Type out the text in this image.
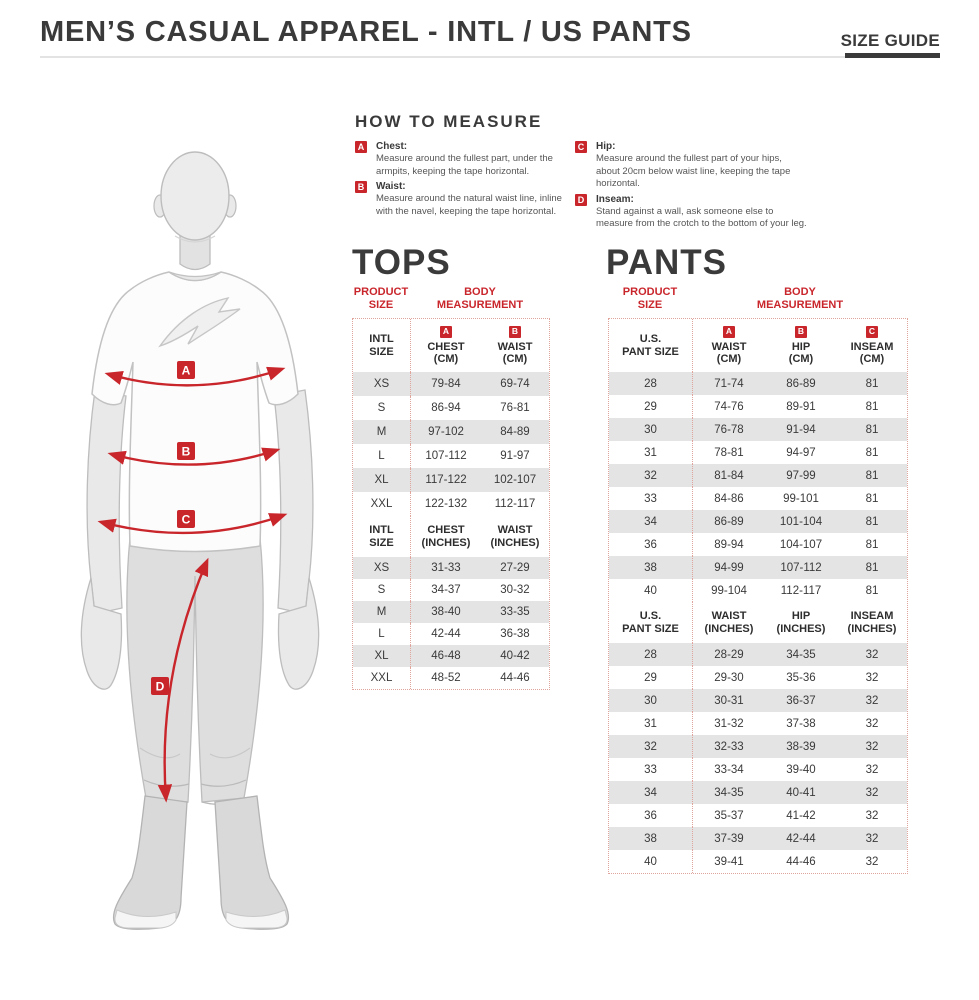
MEN’S CASUAL APPAREL - INTL / US PANTS	SIZE GUIDE
HOW TO MEASURE
A Chest:
Measure around the fullest part, under the armpits, keeping the tape horizontal.
B Waist:
Measure around the natural waist line, inline with the navel, keeping the tape horizontal.
C Hip:
Measure around the fullest part of your hips, about 20cm below waist line, keeping the tape horizontal.
D Inseam:
Stand against a wall, ask someone else to measure from the crotch to the bottom of your leg.
A
B
C
D
TOPS
PRODUCT
SIZE
BODY
MEASUREMENT
INTL
SIZE
A
CHEST
(CM)
B
WAIST
(CM)
XS	79-84	69-74
S	86-94	76-81
M	97-102	84-89
L	107-112	91-97
XL	117-122	102-107
XXL	122-132	112-117
INTL
SIZE
CHEST
(INCHES)
WAIST
(INCHES)
XS	31-33	27-29
S	34-37	30-32
M	38-40	33-35
L	42-44	36-38
XL	46-48	40-42
XXL	48-52	44-46
PANTS
PRODUCT
SIZE
BODY
MEASUREMENT
U.S.
PANT SIZE
A
WAIST
(CM)
B
HIP
(CM)
C
INSEAM
(CM)
28	71-74	86-89	81
29	74-76	89-91	81
30	76-78	91-94	81
31	78-81	94-97	81
32	81-84	97-99	81
33	84-86	99-101	81
34	86-89	101-104	81
36	89-94	104-107	81
38	94-99	107-112	81
40	99-104	112-117	81
U.S.
PANT SIZE
WAIST
(INCHES)
HIP
(INCHES)
INSEAM
(INCHES)
28	28-29	34-35	32
29	29-30	35-36	32
30	30-31	36-37	32
31	31-32	37-38	32
32	32-33	38-39	32
33	33-34	39-40	32
34	34-35	40-41	32
36	35-37	41-42	32
38	37-39	42-44	32
40	39-41	44-46	32
